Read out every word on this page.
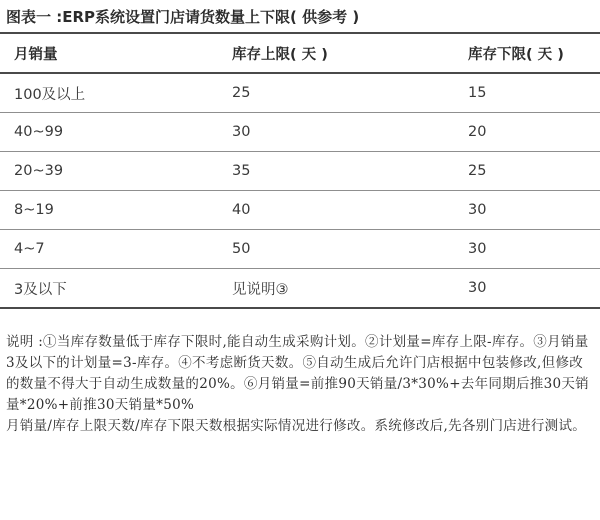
图表一 :ERP系统设置门店请货数量上下限( 供参考 )
月销量	库存上限( 天 )	库存下限( 天 )
100及以上	25	15
40~99	30	20
20~39	35	25
8~19	40	30
4~7	50	30
3及以下	见说明③	30

说明 :①当库存数量低于库存下限时,能自动生成采购计划。②计划量=库存上限-库存。③月销量3及以下的计划量=3-库存。④不考虑断货天数。⑤自动生成后允许门店根据中包装修改,但修改的数量不得大于自动生成数量的20%。⑥月销量=前推90天销量/3*30%+去年同期后推30天销量*20%+前推30天销量*50%

月销量/库存上限天数/库存下限天数根据实际情况进行修改。系统修改后,先各别门店进行测试。
